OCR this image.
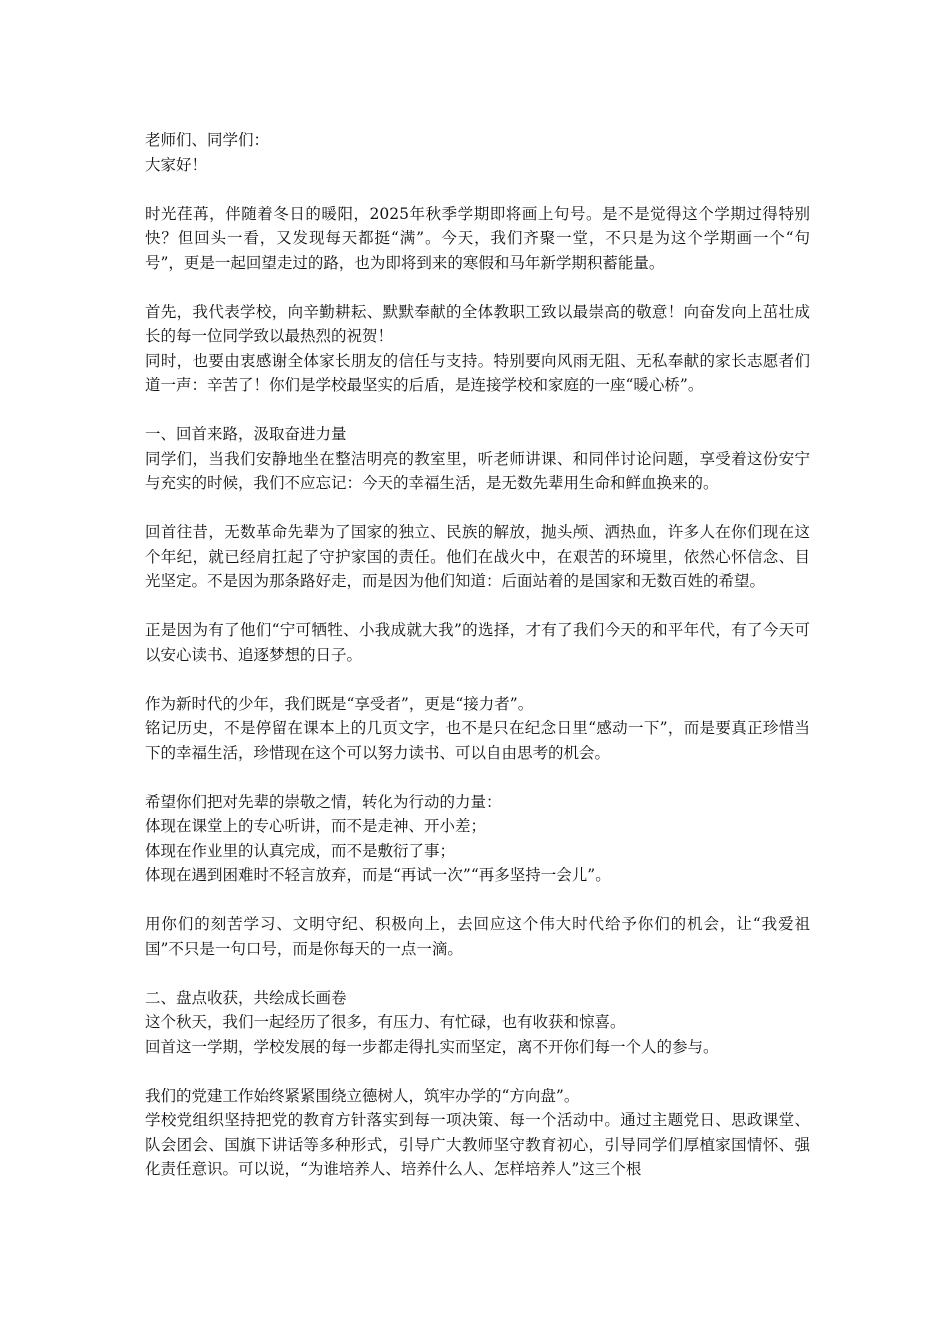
老师们、同学们：

大家好！

时光荏苒，伴随着冬日的暖阳，2025年秋季学期即将画上句号。是不是觉得这个学期过得特别快？但回头一看，又发现每天都挺“满”。今天，我们齐聚一堂，不只是为这个学期画一个“句号”，更是一起回望走过的路，也为即将到来的寒假和马年新学期积蓄能量。

首先，我代表学校，向辛勤耕耘、默默奉献的全体教职工致以最崇高的敬意！向奋发向上茁壮成长的每一位同学致以最热烈的祝贺！

同时，也要由衷感谢全体家长朋友的信任与支持。特别要向风雨无阻、无私奉献的家长志愿者们道一声：辛苦了！你们是学校最坚实的后盾，是连接学校和家庭的一座“暖心桥”。

一、回首来路，汲取奋进力量

同学们，当我们安静地坐在整洁明亮的教室里，听老师讲课、和同伴讨论问题，享受着这份安宁与充实的时候，我们不应忘记：今天的幸福生活，是无数先辈用生命和鲜血换来的。

回首往昔，无数革命先辈为了国家的独立、民族的解放，抛头颅、洒热血，许多人在你们现在这个年纪，就已经肩扛起了守护家国的责任。他们在战火中，在艰苦的环境里，依然心怀信念、目光坚定。不是因为那条路好走，而是因为他们知道：后面站着的是国家和无数百姓的希望。

正是因为有了他们“宁可牺牲、小我成就大我”的选择，才有了我们今天的和平年代，有了今天可以安心读书、追逐梦想的日子。

作为新时代的少年，我们既是“享受者”，更是“接力者”。

铭记历史，不是停留在课本上的几页文字，也不是只在纪念日里“感动一下”，而是要真正珍惜当下的幸福生活，珍惜现在这个可以努力读书、可以自由思考的机会。

希望你们把对先辈的崇敬之情，转化为行动的力量：

体现在课堂上的专心听讲，而不是走神、开小差；

体现在作业里的认真完成，而不是敷衍了事；

体现在遇到困难时不轻言放弃，而是“再试一次”“再多坚持一会儿”。

用你们的刻苦学习、文明守纪、积极向上，去回应这个伟大时代给予你们的机会，让“我爱祖国”不只是一句口号，而是你每天的一点一滴。

二、盘点收获，共绘成长画卷

这个秋天，我们一起经历了很多，有压力、有忙碌，也有收获和惊喜。

回首这一学期，学校发展的每一步都走得扎实而坚定，离不开你们每一个人的参与。

我们的党建工作始终紧紧围绕立德树人，筑牢办学的“方向盘”。

学校党组织坚持把党的教育方针落实到每一项决策、每一个活动中。通过主题党日、思政课堂、队会团会、国旗下讲话等多种形式，引导广大教师坚守教育初心，引导同学们厚植家国情怀、强化责任意识。可以说，“为谁培养人、培养什么人、怎样培养人”这三个根
